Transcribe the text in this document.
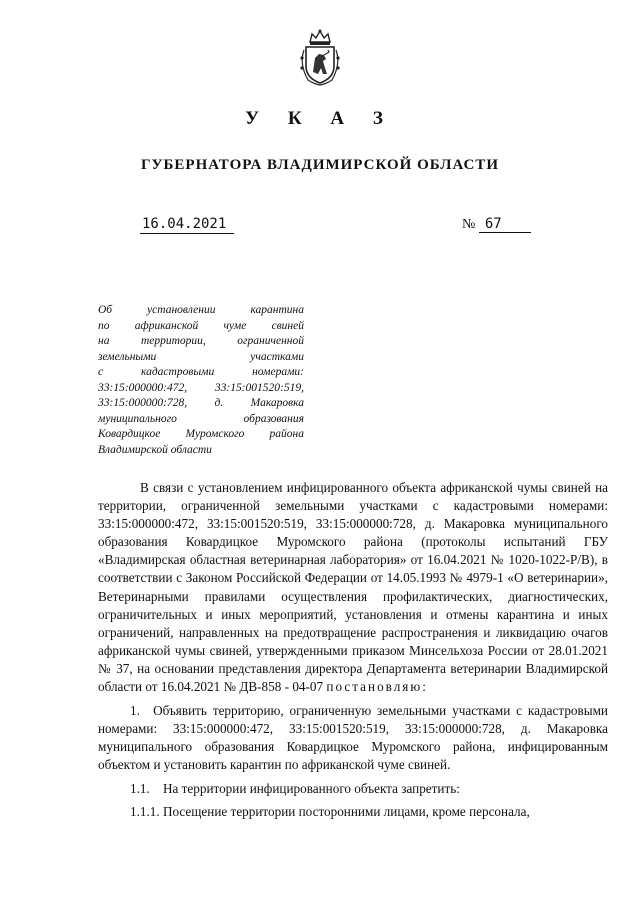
У К А З
ГУБЕРНАТОРА ВЛАДИМИРСКОЙ ОБЛАСТИ
16.04.2021	№ 67
Об установлении карантина
по африканской чуме свиней
на территории, ограниченной
земельными участками
с кадастровыми номерами:
33:15:000000:472, 33:15:001520:519,
33:15:000000:728, д. Макаровка
муниципального образования
Ковардицкое Муромского района
Владимирской области

В связи с установлением инфицированного объекта африканской чумы свиней на территории, ограниченной земельными участками с кадастровыми номерами: 33:15:000000:472, 33:15:001520:519, 33:15:000000:728, д. Макаровка муниципального образования Ковардицкое Муромского района (протоколы испытаний ГБУ «Владимирская областная ветеринарная лаборатория» от 16.04.2021 № 1020-1022-Р/В), в соответствии с Законом Российской Федерации от 14.05.1993 № 4979-1 «О ветеринарии», Ветеринарными правилами осуществления профилактических, диагностических, ограничительных и иных мероприятий, установления и отмены карантина и иных ограничений, направленных на предотвращение распространения и ликвидацию очагов африканской чумы свиней, утвержденными приказом Минсельхоза России от 28.01.2021 № 37, на основании представления директора Департамента ветеринарии Владимирской области от 16.04.2021 № ДВ-858 - 04-07 постановляю:

1. Объявить территорию, ограниченную земельными участками с кадастровыми номерами: 33:15:000000:472, 33:15:001520:519, 33:15:000000:728, д. Макаровка муниципального образования Ковардицкое Муромского района, инфицированным объектом и установить карантин по африканской чуме свиней.

1.1. На территории инфицированного объекта запретить:

1.1.1. Посещение территории посторонними лицами, кроме персонала,
